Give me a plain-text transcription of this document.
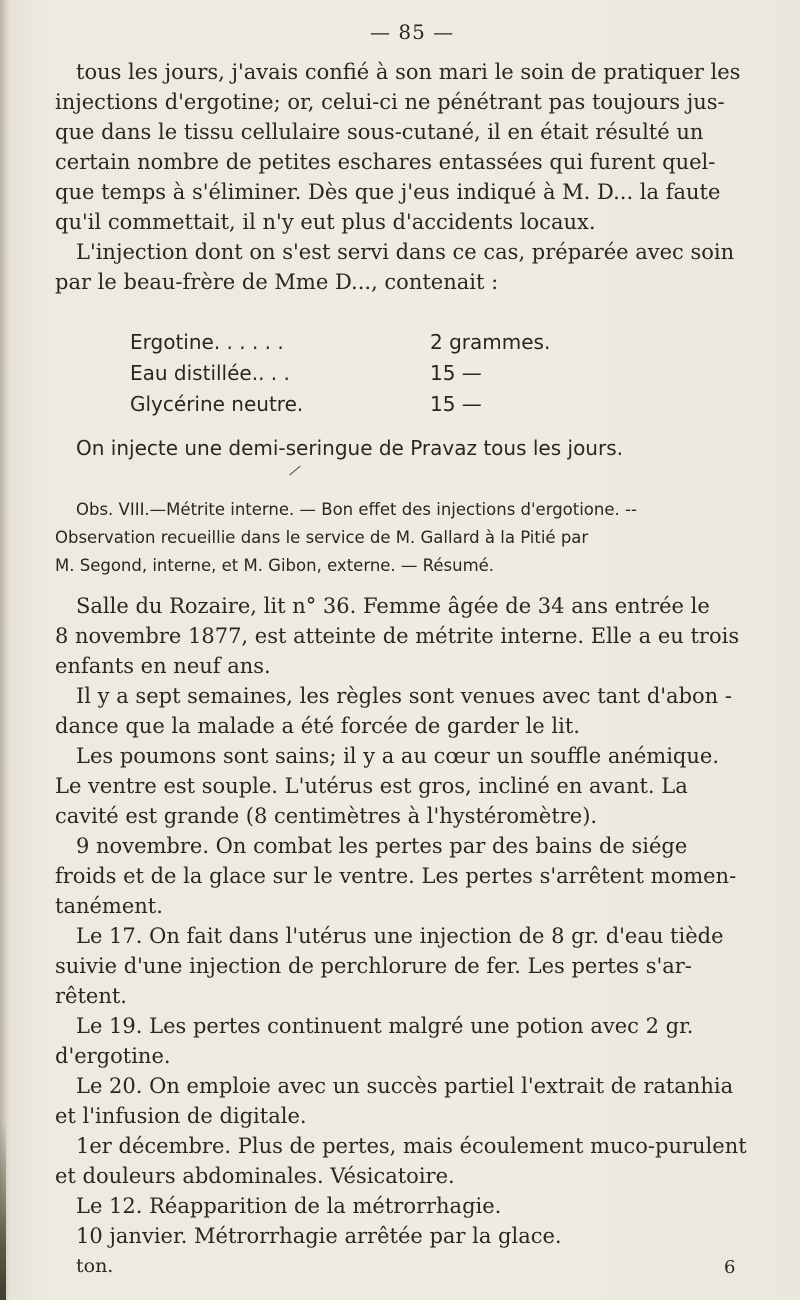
— 85 —
tous les jours, j'avais confié à son mari le soin de pratiquer les
injections d'ergotine; or, celui-ci ne pénétrant pas toujours jus-
que dans le tissu cellulaire sous-cutané, il en était résulté un
certain nombre de petites eschares entassées qui furent quel-
que temps à s'éliminer. Dès que j'eus indiqué à M. D... la faute
qu'il commettait, il n'y eut plus d'accidents locaux.
L'injection dont on s'est servi dans ce cas, préparée avec soin
par le beau-frère de Mme D..., contenait :
Ergotine. . . . . .	2 grammes.
Eau distillée.. . .	15 —
Glycérine neutre.	15 —
On injecte une demi-seringue de Pravaz tous les jours.
Obs. VIII.—Métrite interne. — Bon effet des injections d'ergotione. --
Observation recueillie dans le service de M. Gallard à la Pitié par
M. Segond, interne, et M. Gibon, externe. — Résumé.
Salle du Rozaire, lit n° 36. Femme âgée de 34 ans entrée le
8 novembre 1877, est atteinte de métrite interne. Elle a eu trois
enfants en neuf ans.
Il y a sept semaines, les règles sont venues avec tant d'abon -
dance que la malade a été forcée de garder le lit.
Les poumons sont sains; il y a au cœur un souffle anémique.
Le ventre est souple. L'utérus est gros, incliné en avant. La
cavité est grande (8 centimètres à l'hystéromètre).
9 novembre. On combat les pertes par des bains de siége
froids et de la glace sur le ventre. Les pertes s'arrêtent momen-
tanément.
Le 17. On fait dans l'utérus une injection de 8 gr. d'eau tiède
suivie d'une injection de perchlorure de fer. Les pertes s'ar-
rêtent.
Le 19. Les pertes continuent malgré une potion avec 2 gr.
d'ergotine.
Le 20. On emploie avec un succès partiel l'extrait de ratanhia
et l'infusion de digitale.
1er décembre. Plus de pertes, mais écoulement muco-purulent
et douleurs abdominales. Vésicatoire.
Le 12. Réapparition de la métrorrhagie.
10 janvier. Métrorrhagie arrêtée par la glace.
ton.	6
